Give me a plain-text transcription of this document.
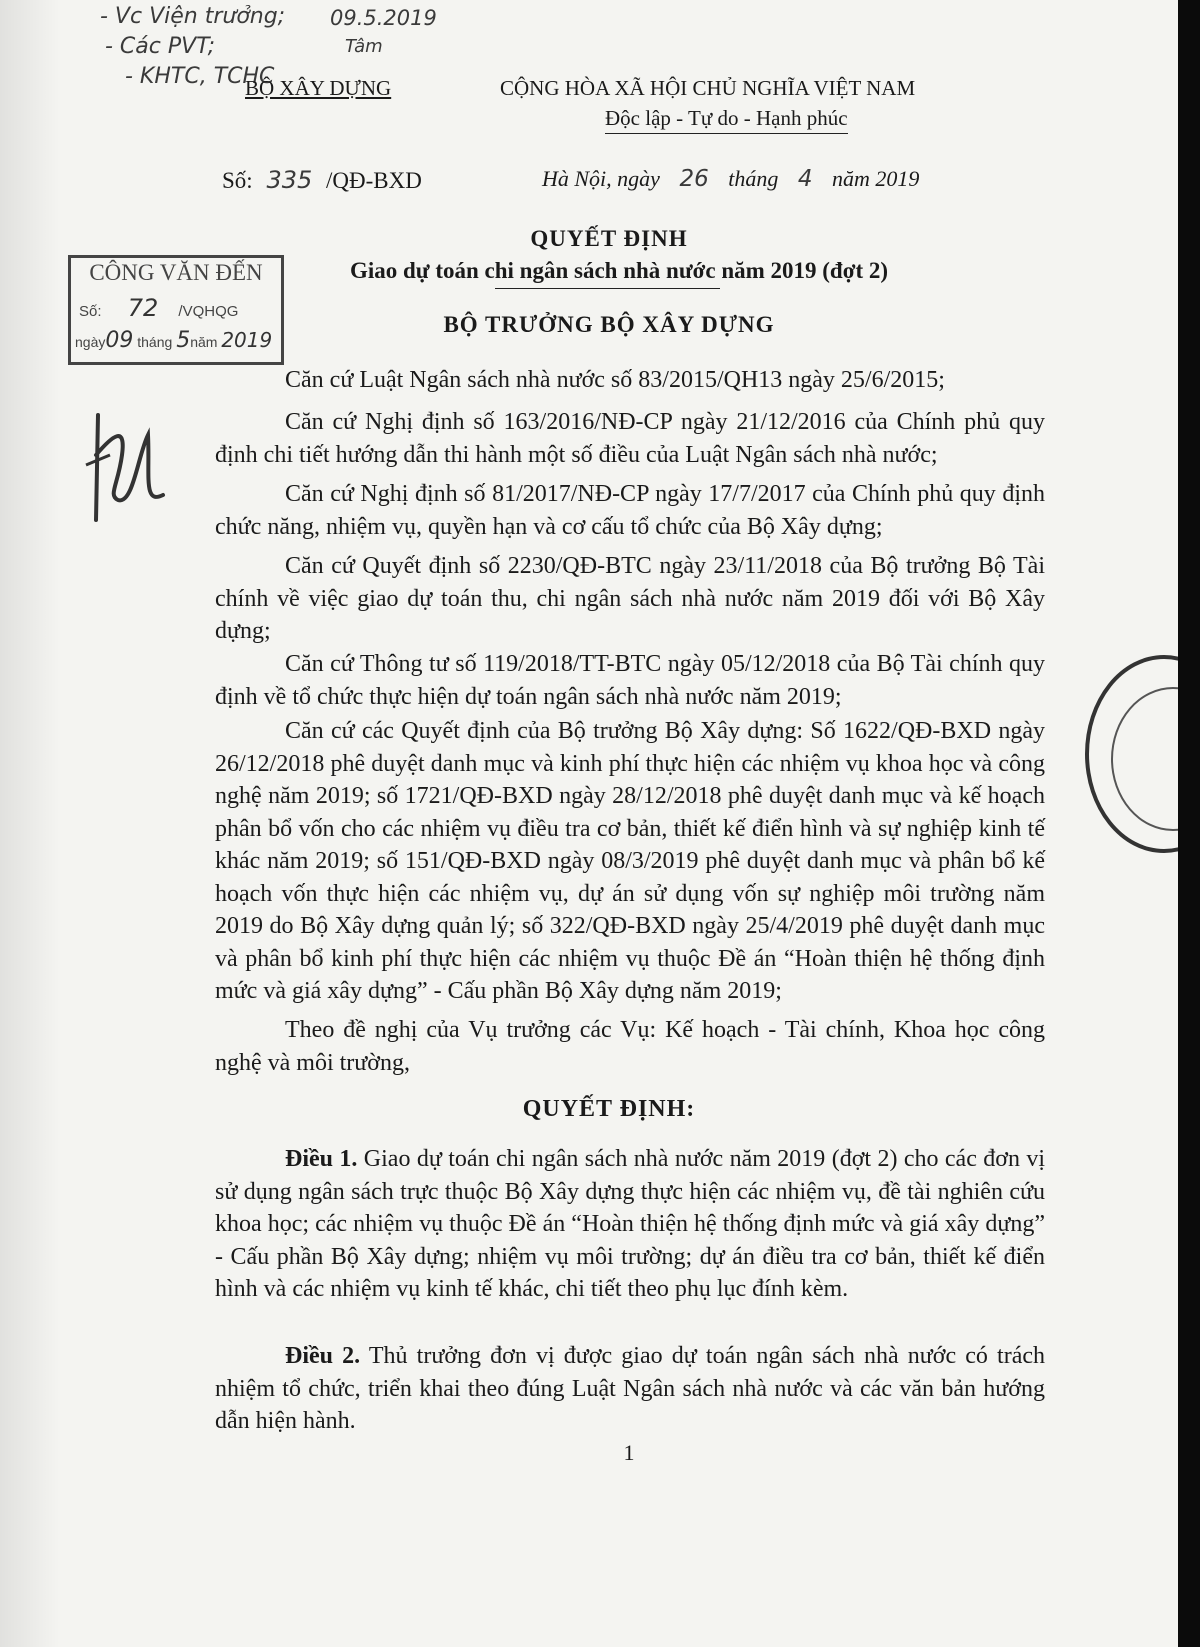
- Vc Viện trưởng;
- Các PVT;
- KHTC, TCHC
09.5.2019
Tâm
BỘ XÂY DỰNG	CỘNG HÒA XÃ HỘI CHỦ NGHĨA VIỆT NAM
Độc lập - Tự do - Hạnh phúc
Số: 335 /QĐ-BXD	Hà Nội, ngày 26 tháng 4 năm 2019
CÔNG VĂN ĐẾN
Số: 72 /VQHQG
ngày09 tháng 5năm 2019
QUYẾT ĐỊNH
Giao dự toán chi ngân sách nhà nước năm 2019 (đợt 2)
BỘ TRƯỞNG BỘ XÂY DỰNG
Căn cứ Luật Ngân sách nhà nước số 83/2015/QH13 ngày 25/6/2015;
Căn cứ Nghị định số 163/2016/NĐ-CP ngày 21/12/2016 của Chính phủ quy định chi tiết hướng dẫn thi hành một số điều của Luật Ngân sách nhà nước;
Căn cứ Nghị định số 81/2017/NĐ-CP ngày 17/7/2017 của Chính phủ quy định chức năng, nhiệm vụ, quyền hạn và cơ cấu tổ chức của Bộ Xây dựng;
Căn cứ Quyết định số 2230/QĐ-BTC ngày 23/11/2018 của Bộ trưởng Bộ Tài chính về việc giao dự toán thu, chi ngân sách nhà nước năm 2019 đối với Bộ Xây dựng;
Căn cứ Thông tư số 119/2018/TT-BTC ngày 05/12/2018 của Bộ Tài chính quy định về tổ chức thực hiện dự toán ngân sách nhà nước năm 2019;
Căn cứ các Quyết định của Bộ trưởng Bộ Xây dựng: Số 1622/QĐ-BXD ngày 26/12/2018 phê duyệt danh mục và kinh phí thực hiện các nhiệm vụ khoa học và công nghệ năm 2019; số 1721/QĐ-BXD ngày 28/12/2018 phê duyệt danh mục và kế hoạch phân bổ vốn cho các nhiệm vụ điều tra cơ bản, thiết kế điển hình và sự nghiệp kinh tế khác năm 2019; số 151/QĐ-BXD ngày 08/3/2019 phê duyệt danh mục và phân bổ kế hoạch vốn thực hiện các nhiệm vụ, dự án sử dụng vốn sự nghiệp môi trường năm 2019 do Bộ Xây dựng quản lý; số 322/QĐ-BXD ngày 25/4/2019 phê duyệt danh mục và phân bổ kinh phí thực hiện các nhiệm vụ thuộc Đề án “Hoàn thiện hệ thống định mức và giá xây dựng” - Cấu phần Bộ Xây dựng năm 2019;
Theo đề nghị của Vụ trưởng các Vụ: Kế hoạch - Tài chính, Khoa học công nghệ và môi trường,
QUYẾT ĐỊNH:
Điều 1. Giao dự toán chi ngân sách nhà nước năm 2019 (đợt 2) cho các đơn vị sử dụng ngân sách trực thuộc Bộ Xây dựng thực hiện các nhiệm vụ, đề tài nghiên cứu khoa học; các nhiệm vụ thuộc Đề án “Hoàn thiện hệ thống định mức và giá xây dựng” - Cấu phần Bộ Xây dựng; nhiệm vụ môi trường; dự án điều tra cơ bản, thiết kế điển hình và các nhiệm vụ kinh tế khác, chi tiết theo phụ lục đính kèm.
Điều 2. Thủ trưởng đơn vị được giao dự toán ngân sách nhà nước có trách nhiệm tổ chức, triển khai theo đúng Luật Ngân sách nhà nước và các văn bản hướng dẫn hiện hành.
1
